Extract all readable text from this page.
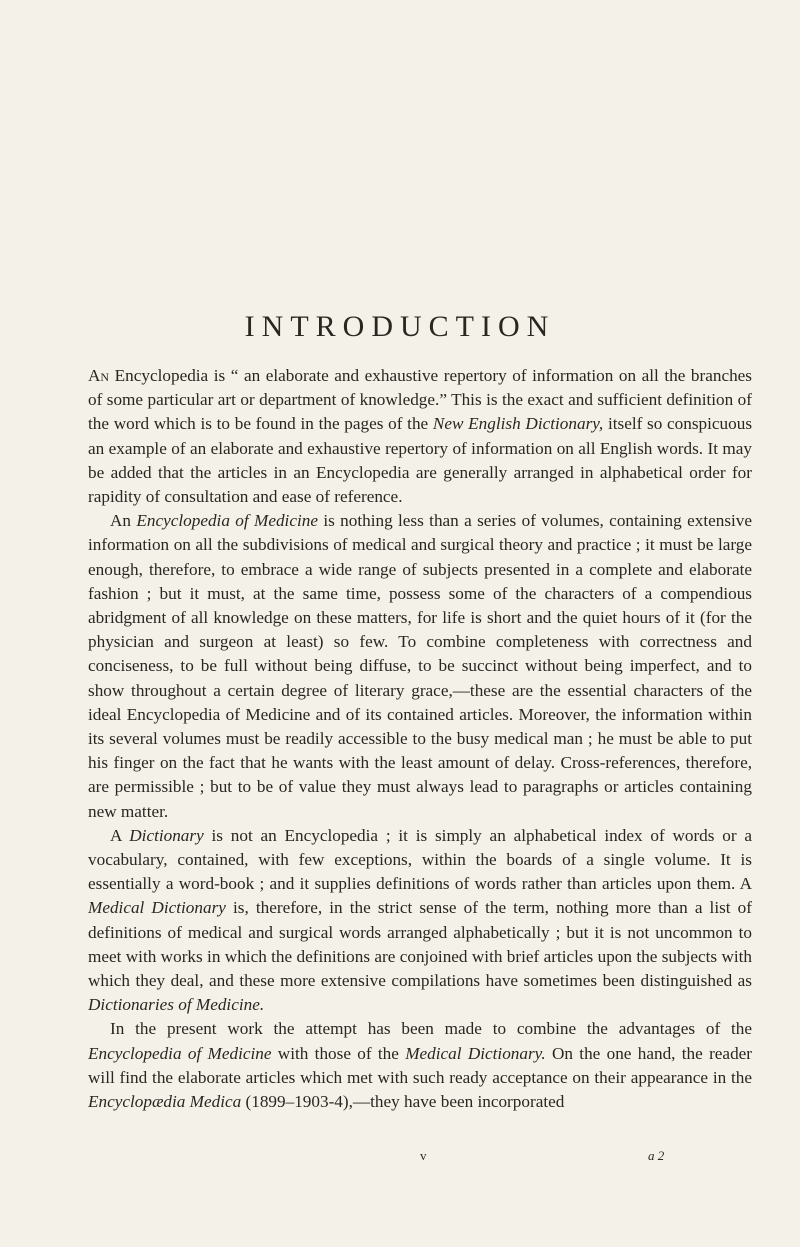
INTRODUCTION

An Encyclopedia is “ an elaborate and exhaustive repertory of information on all the branches of some particular art or department of knowledge.” This is the exact and sufficient definition of the word which is to be found in the pages of the New English Dictionary, itself so conspicuous an example of an elaborate and exhaustive repertory of information on all English words. It may be added that the articles in an Encyclopedia are generally arranged in alphabetical order for rapidity of consultation and ease of reference.

An Encyclopedia of Medicine is nothing less than a series of volumes, containing extensive information on all the subdivisions of medical and surgical theory and practice ; it must be large enough, therefore, to embrace a wide range of subjects presented in a complete and elaborate fashion ; but it must, at the same time, possess some of the characters of a compendious abridgment of all knowledge on these matters, for life is short and the quiet hours of it (for the physician and surgeon at least) so few. To combine completeness with correctness and conciseness, to be full without being diffuse, to be succinct without being imperfect, and to show throughout a certain degree of literary grace,—these are the essential characters of the ideal Encyclopedia of Medicine and of its contained articles. Moreover, the information within its several volumes must be readily accessible to the busy medical man ; he must be able to put his finger on the fact that he wants with the least amount of delay. Cross-references, therefore, are permissible ; but to be of value they must always lead to paragraphs or articles containing new matter.

A Dictionary is not an Encyclopedia ; it is simply an alphabetical index of words or a vocabulary, contained, with few exceptions, within the boards of a single volume. It is essentially a word-book ; and it supplies definitions of words rather than articles upon them. A Medical Dictionary is, therefore, in the strict sense of the term, nothing more than a list of definitions of medical and surgical words arranged alphabetically ; but it is not uncommon to meet with works in which the definitions are conjoined with brief articles upon the subjects with which they deal, and these more extensive compilations have sometimes been distinguished as Dictionaries of Medicine.

In the present work the attempt has been made to combine the advantages of the Encyclopedia of Medicine with those of the Medical Dictionary. On the one hand, the reader will find the elaborate articles which met with such ready acceptance on their appearance in the Encyclopædia Medica (1899–1903-4),—they have been incorporated

v	a 2
